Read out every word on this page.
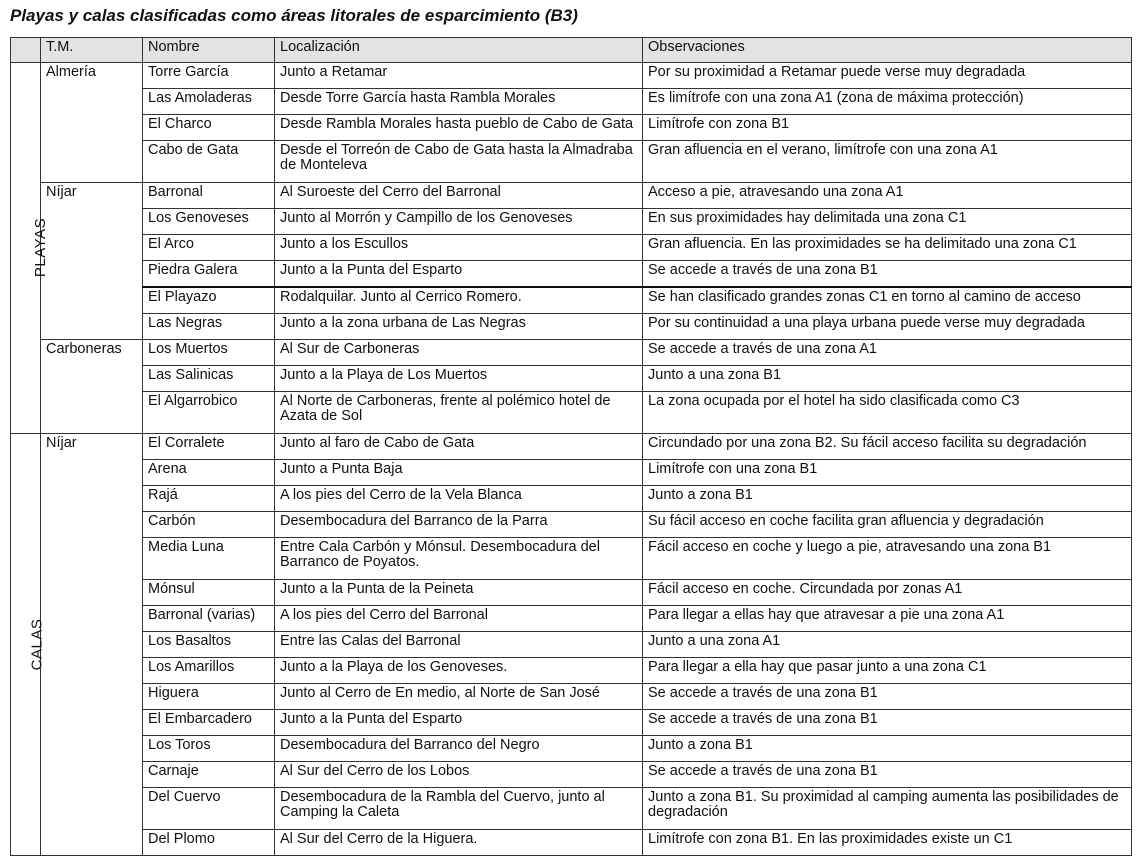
Playas y calas clasificadas como áreas litorales de esparcimiento (B3)
	T.M.	Nombre	Localización	Observaciones
PLAYAS	Almería	Torre García	Junto a Retamar	Por su proximidad a Retamar puede verse muy degradada
		Las Amoladeras	Desde Torre García hasta Rambla Morales	Es limítrofe con una zona A1 (zona de máxima protección)
		El Charco	Desde Rambla Morales hasta pueblo de Cabo de Gata	Limítrofe con zona B1
		Cabo de Gata	Desde el Torreón de Cabo de Gata hasta la Almadraba de Monteleva	Gran afluencia en el verano, limítrofe con una zona A1
	Níjar	Barronal	Al Suroeste del Cerro del Barronal	Acceso a pie, atravesando una zona A1
		Los Genoveses	Junto al Morrón y Campillo de los Genoveses	En sus proximidades hay delimitada una zona C1
		El Arco	Junto a los Escullos	Gran afluencia. En las proximidades se ha delimitado una zona C1
		Piedra Galera	Junto a la Punta del Esparto	Se accede a través de una zona B1
		El Playazo	Rodalquilar. Junto al Cerrico Romero.	Se han clasificado grandes zonas C1 en torno al camino de acceso
		Las Negras	Junto a la zona urbana de Las Negras	Por su continuidad a una playa urbana puede verse muy degradada
	Carboneras	Los Muertos	Al Sur de Carboneras	Se accede a través de una zona A1
		Las Salinicas	Junto a la Playa de Los Muertos	Junto a una zona B1
		El Algarrobico	Al Norte de Carboneras, frente al polémico hotel de Azata de Sol	La zona ocupada por el hotel ha sido clasificada como C3
CALAS	Níjar	El Corralete	Junto al faro de Cabo de Gata	Circundado por una zona B2. Su fácil acceso facilita su degradación
		Arena	Junto a Punta Baja	Limítrofe con una zona B1
		Rajá	A los pies del Cerro de la Vela Blanca	Junto a zona B1
		Carbón	Desembocadura del Barranco de la Parra	Su fácil acceso en coche facilita gran afluencia y degradación
		Media Luna	Entre Cala Carbón y Mónsul. Desembocadura del Barranco de Poyatos.	Fácil acceso en coche y luego a pie, atravesando una zona B1
		Mónsul	Junto a la Punta de la Peineta	Fácil acceso en coche. Circundada por zonas A1
		Barronal (varias)	A los pies del Cerro del Barronal	Para llegar a ellas hay que atravesar a pie una zona A1
		Los Basaltos	Entre las Calas del Barronal	Junto a una zona A1
		Los Amarillos	Junto a la Playa de los Genoveses.	Para llegar a ella hay que pasar junto a una zona C1
		Higuera	Junto al Cerro de En medio, al Norte de San José	Se accede a través de una zona B1
		El Embarcadero	Junto a la Punta del Esparto	Se accede a través de una zona B1
		Los Toros	Desembocadura del Barranco del Negro	Junto a zona B1
		Carnaje	Al Sur del Cerro de los Lobos	Se accede a través de una zona B1
		Del Cuervo	Desembocadura de la Rambla del Cuervo, junto al Camping la Caleta	Junto a zona B1. Su proximidad al camping aumenta las posibilidades de degradación
		Del Plomo	Al Sur del Cerro de la Higuera.	Limítrofe con zona B1. En las proximidades existe un C1
